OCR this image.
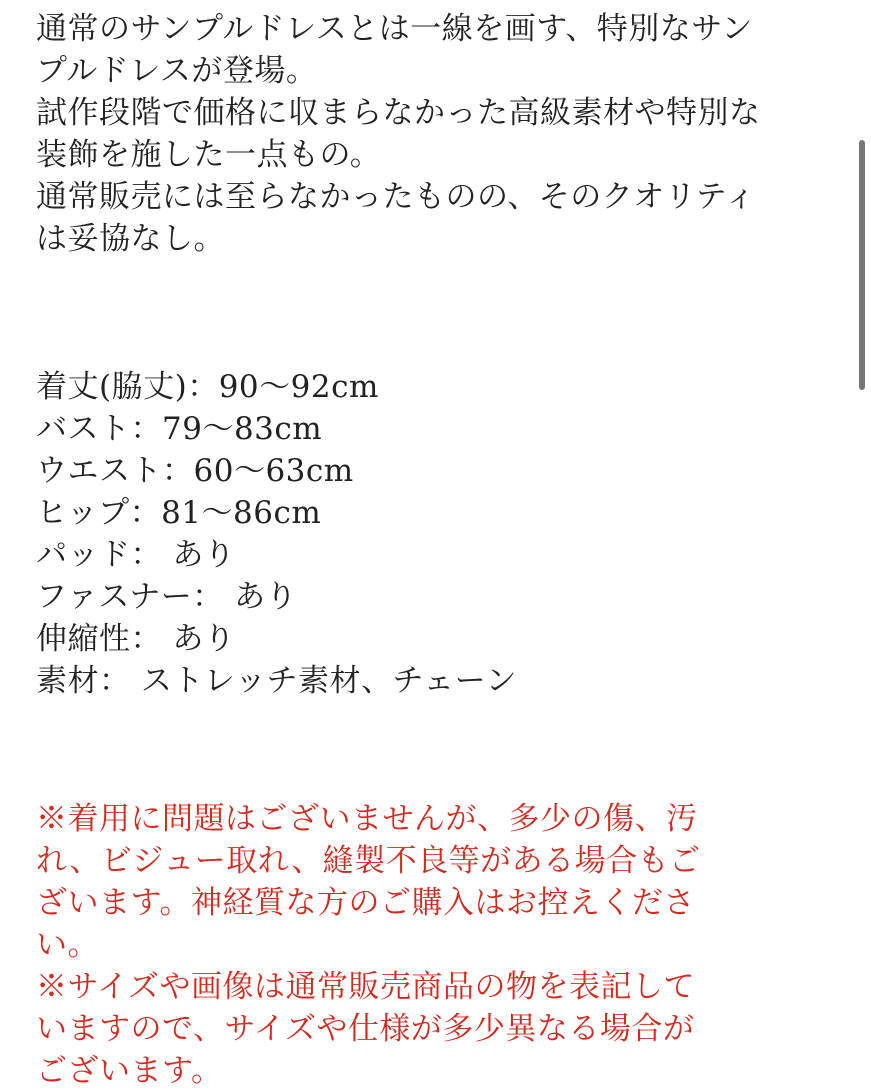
通常のサンプルドレスとは一線を画す、特別なサン
プルドレスが登場。
試作段階で価格に収まらなかった高級素材や特別な
装飾を施した一点もの。
通常販売には至らなかったものの、そのクオリティ
は妥協なし。
着丈(脇丈)：90〜92cm
バスト：79〜83cm
ウエスト：60〜63cm
ヒップ：81〜86cm
パッド： あり
ファスナー： あり
伸縮性： あり
素材： ストレッチ素材、チェーン
※着用に問題はございませんが、多少の傷、汚
れ、ビジュー取れ、縫製不良等がある場合もご
ざいます。神経質な方のご購入はお控えくださ
い。
※サイズや画像は通常販売商品の物を表記して
いますので、サイズや仕様が多少異なる場合が
ございます。
